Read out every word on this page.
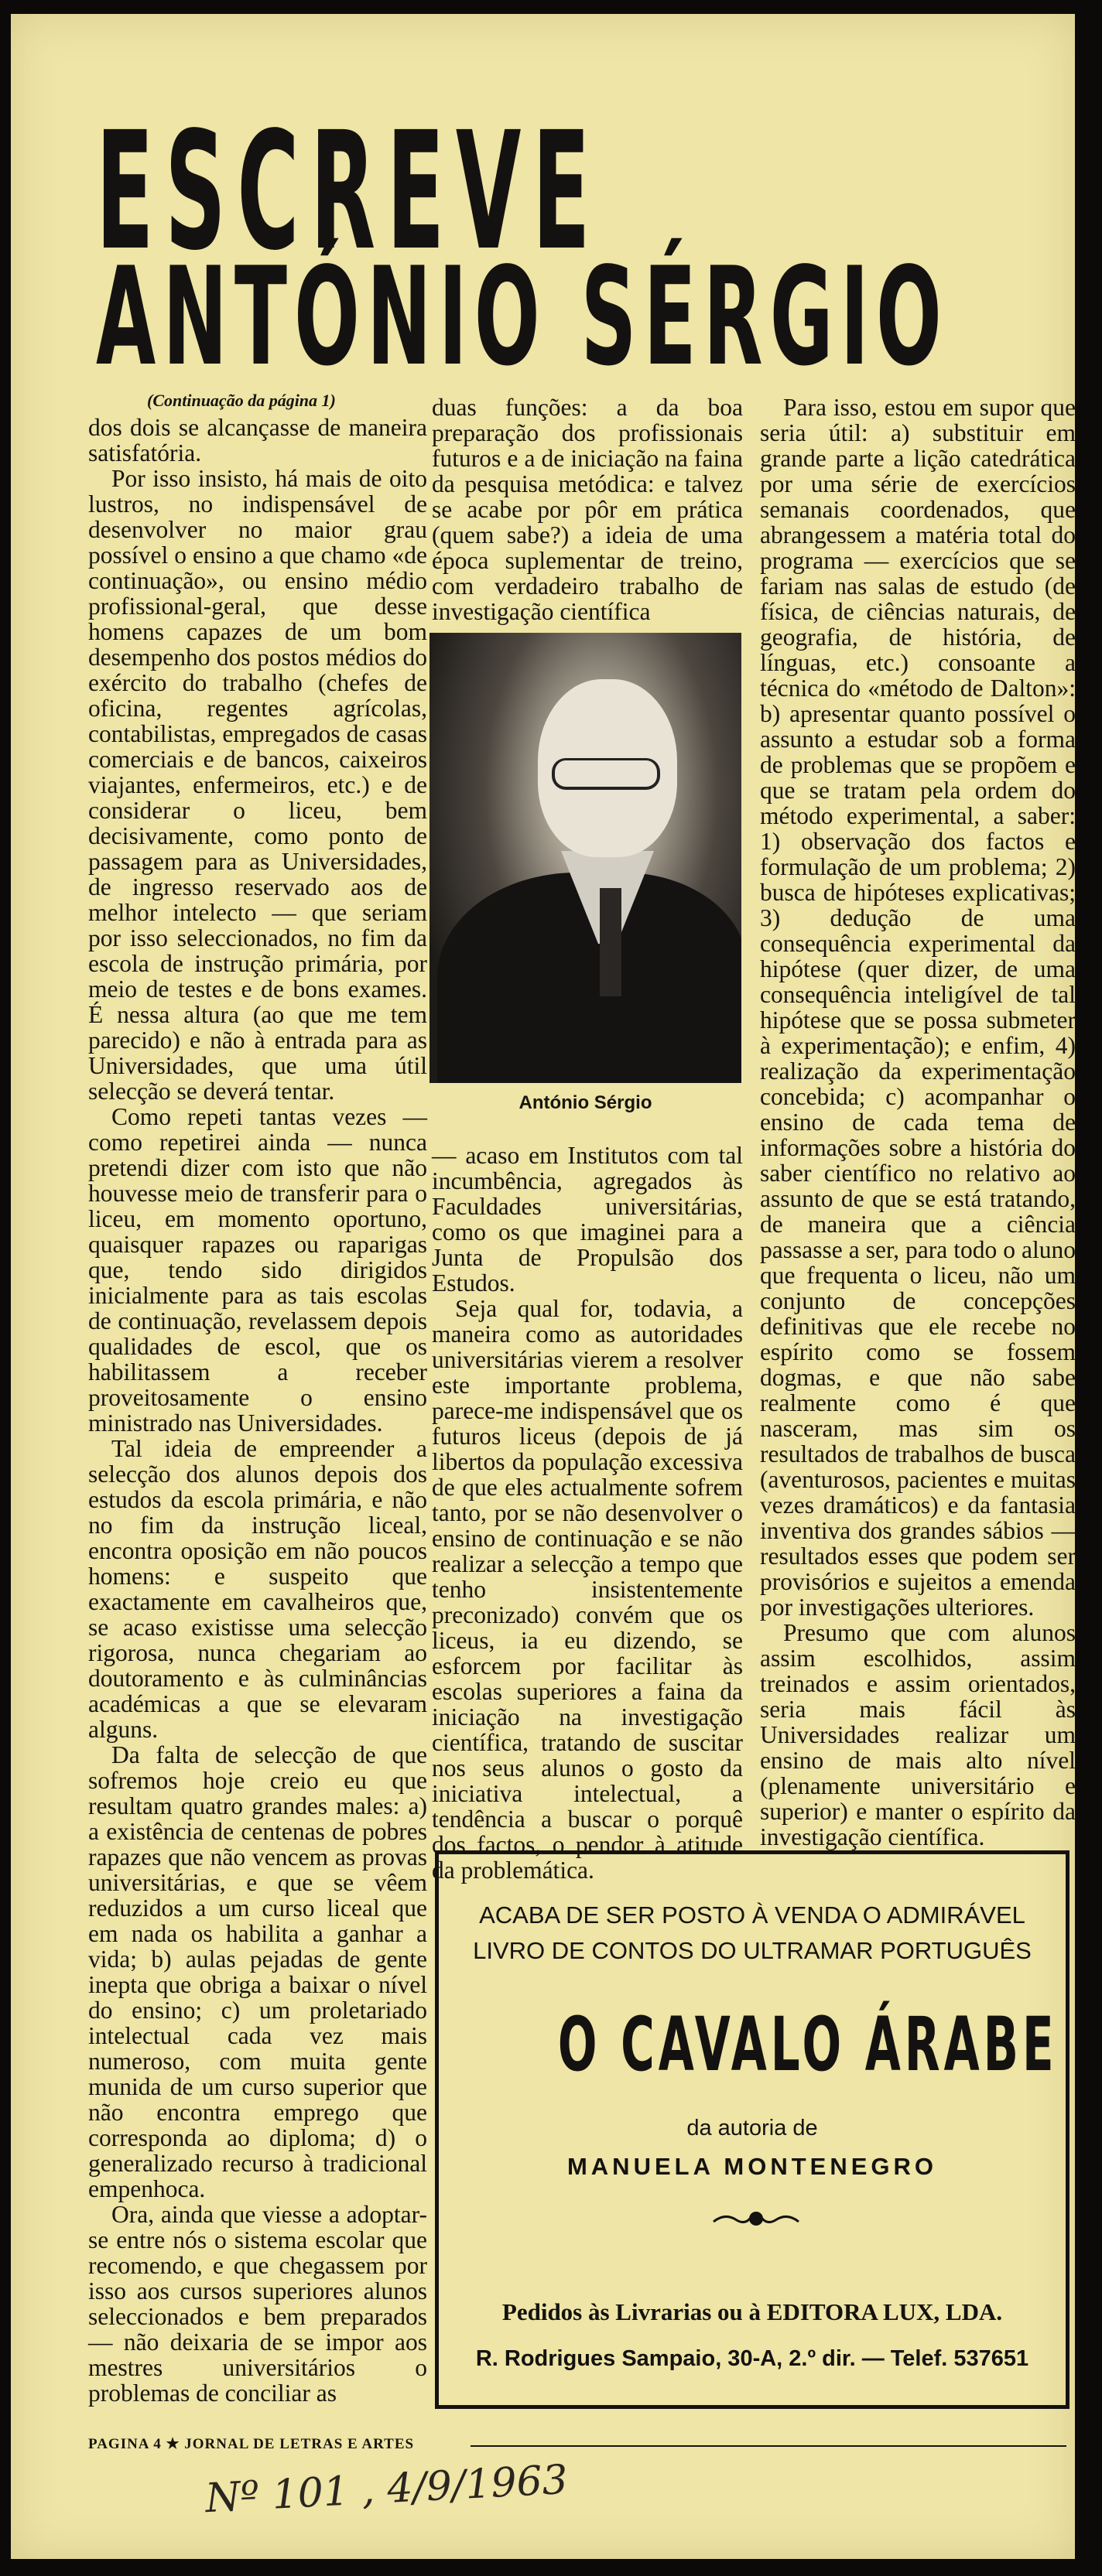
ESCREVE
ANTÓNIO SÉRGIO
(Continuação da página 1)

dos dois se alcançasse de maneira satisfatória.

Por isso insisto, há mais de oito lustros, no indispensável de desenvolver no maior grau possível o ensino a que chamo «de continuação», ou ensino médio profissional-geral, que desse homens capazes de um bom desempenho dos postos médios do exército do trabalho (chefes de oficina, regentes agrícolas, contabilistas, empregados de casas comerciais e de bancos, caixeiros viajantes, enfermeiros, etc.) e de considerar o liceu, bem decisivamente, como ponto de passagem para as Universidades, de ingresso reservado aos de melhor intelecto — que seriam por isso seleccionados, no fim da escola de instrução primária, por meio de testes e de bons exames. É nessa altura (ao que me tem parecido) e não à entrada para as Universidades, que uma útil selecção se deverá tentar.

Como repeti tantas vezes — como repetirei ainda — nunca pretendi dizer com isto que não houvesse meio de transferir para o liceu, em momento oportuno, quaisquer rapazes ou raparigas que, tendo sido dirigidos inicialmente para as tais escolas de continuação, revelassem depois qualidades de escol, que os habilitassem a receber proveitosamente o ensino ministrado nas Universidades.

Tal ideia de empreender a selecção dos alunos depois dos estudos da escola primária, e não no fim da instrução liceal, encontra oposição em não poucos homens: e suspeito que exactamente em cavalheiros que, se acaso existisse uma selecção rigorosa, nunca chegariam ao doutoramento e às culminâncias académicas a que se elevaram alguns.

Da falta de selecção de que sofremos hoje creio eu que resultam quatro grandes males: a) a existência de centenas de pobres rapazes que não vencem as provas universitárias, e que se vêem reduzidos a um curso liceal que em nada os habilita a ganhar a vida; b) aulas pejadas de gente inepta que obriga a baixar o nível do ensino; c) um proletariado intelectual cada vez mais numeroso, com muita gente munida de um curso superior que não encontra emprego que corresponda ao diploma; d) o generalizado recurso à tradicional empenhoca.

Ora, ainda que viesse a adoptar-se entre nós o sistema escolar que recomendo, e que chegassem por isso aos cursos superiores alunos seleccionados e bem preparados — não deixaria de se impor aos mestres universitários o problemas de conciliar as

duas funções: a da boa preparação dos profissionais futuros e a de iniciação na faina da pesquisa metódica: e talvez se acabe por pôr em prática (quem sabe?) a ideia de uma época suplementar de treino, com verdadeiro trabalho de investigação científica

António Sérgio

— acaso em Institutos com tal incumbência, agregados às Faculdades universitárias, como os que imaginei para a Junta de Propulsão dos Estudos.

Seja qual for, todavia, a maneira como as autoridades universitárias vierem a resolver este importante problema, parece-me indispensável que os futuros liceus (depois de já libertos da população excessiva de que eles actualmente sofrem tanto, por se não desenvolver o ensino de continuação e se não realizar a selecção a tempo que tenho insistentemente preconizado) convém que os liceus, ia eu dizendo, se esforcem por facilitar às escolas superiores a faina da iniciação na investigação científica, tratando de suscitar nos seus alunos o gosto da iniciativa intelectual, a tendência a buscar o porquê dos factos, o pendor à atitude da problemática.

Para isso, estou em supor que seria útil: a) substituir em grande parte a lição catedrática por uma série de exercícios semanais coordenados, que abrangessem a matéria total do programa — exercícios que se fariam nas salas de estudo (de física, de ciências naturais, de geografia, de história, de línguas, etc.) consoante a técnica do «método de Dalton»: b) apresentar quanto possível o assunto a estudar sob a forma de problemas que se propõem e que se tratam pela ordem do método experimental, a saber: 1) observação dos factos e formulação de um problema; 2) busca de hipóteses explicativas; 3) dedução de uma consequência experimental da hipótese (quer dizer, de uma consequência inteligível de tal hipótese que se possa submeter à experimentação); e enfim, 4) realização da experimentação concebida; c) acompanhar o ensino de cada tema de informações sobre a história do saber científico no relativo ao assunto de que se está tratando, de maneira que a ciência passasse a ser, para todo o aluno que frequenta o liceu, não um conjunto de concepções definitivas que ele recebe no espírito como se fossem dogmas, e que não sabe realmente como é que nasceram, mas sim os resultados de trabalhos de busca (aventurosos, pacientes e muitas vezes dramáticos) e da fantasia inventiva dos grandes sábios — resultados esses que podem ser provisórios e sujeitos a emenda por investigações ulteriores.

Presumo que com alunos assim escolhidos, assim treinados e assim orientados, seria mais fácil às Universidades realizar um ensino de mais alto nível (plenamente universitário e superior) e manter o espírito da investigação científica.

ACABA DE SER POSTO À VENDA O ADMIRÁVEL
LIVRO DE CONTOS DO ULTRAMAR PORTUGUÊS
O CAVALO ÁRABE
da autoria de
MANUELA MONTENEGRO
Pedidos às Livrarias ou à EDITORA LUX, LDA.
R. Rodrigues Sampaio, 30-A, 2.º dir. — Telef. 537651
PAGINA 4 ★ JORNAL DE LETRAS E ARTES
Nº 101 , 4/9/1963
